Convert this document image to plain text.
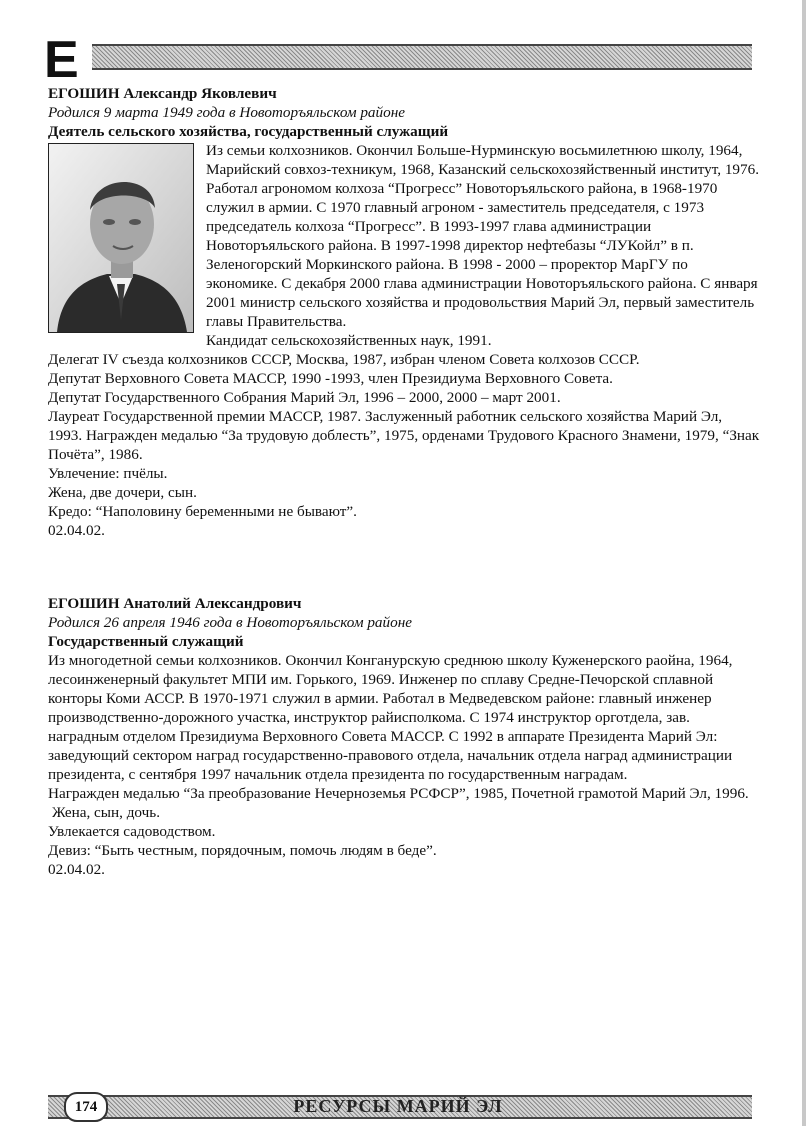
Е
ЕГОШИН Александр Яковлевич
Родился 9 марта 1949 года в Новоторъяльском районе
Деятель сельского хозяйства, государственный служащий

Из семьи колхозников. Окончил Больше-Нурминскую восьмилетнюю школу, 1964, Марийский совхоз-техникум, 1968, Казанский сельскохозяйственный институт, 1976. Работал агрономом колхоза “Прогресс” Новоторъяльского района, в 1968-1970 служил в армии. С 1970 главный агроном - заместитель председателя, с 1973 председатель колхоза “Прогресс”. В 1993-1997 глава администрации Новоторъяльского района. В 1997-1998 директор нефтебазы “ЛУКойл” в п. Зеленогорский Моркинского района. В 1998 - 2000 – проректор МарГУ по экономике. С декабря 2000 глава администрации Новоторъяльского района. С января 2001 министр сельского хозяйства и продовольствия Марий Эл, первый заместитель главы Правительства.

Кандидат сельскохозяйственных наук, 1991.

Делегат IV съезда колхозников СССР, Москва, 1987, избран членом Совета колхозов СССР.

Депутат Верховного Совета МАССР, 1990 -1993, член Президиума Верховного Совета.

Депутат Государственного Собрания Марий Эл, 1996 – 2000, 2000 – март 2001.

Лауреат Государственной премии МАССР, 1987. Заслуженный работник сельского хозяйства Марий Эл, 1993. Награжден медалью “За трудовую доблесть”, 1975, орденами Трудового Красного Знамени, 1979, “Знак Почёта”, 1986.

Увлечение: пчёлы.

Жена, две дочери, сын.

Кредо: “Наполовину беременными не бывают”.

02.04.02.

ЕГОШИН Анатолий Александрович
Родился 26 апреля 1946 года в Новоторъяльском районе
Государственный служащий

Из многодетной семьи колхозников. Окончил Конганурскую среднюю школу Куженерского раойна, 1964, лесоинженерный факультет МПИ им. Горького, 1969. Инженер по сплаву Средне-Печорской сплавной конторы Коми АССР. В 1970-1971 служил в армии. Работал в Медведевском районе: главный инженер производственно-дорожного участка, инструктор райисполкома. С 1974 инструктор орготдела, зав. наградным отделом Президиума Верховного Совета МАССР. С 1992 в аппарате Президента Марий Эл: заведующий сектором наград государственно-правового отдела, начальник отдела наград администрации президента, с сентября 1997 начальник отдела президента по государственным наградам.

Награжден медалью “За преобразование Нечерноземья РСФСР”, 1985, Почетной грамотой Марий Эл, 1996.

Жена, сын, дочь.

Увлекается садоводством.

Девиз: “Быть честным, порядочным, помочь людям в беде”.

02.04.02.

174	РЕСУРСЫ МАРИЙ ЭЛ
